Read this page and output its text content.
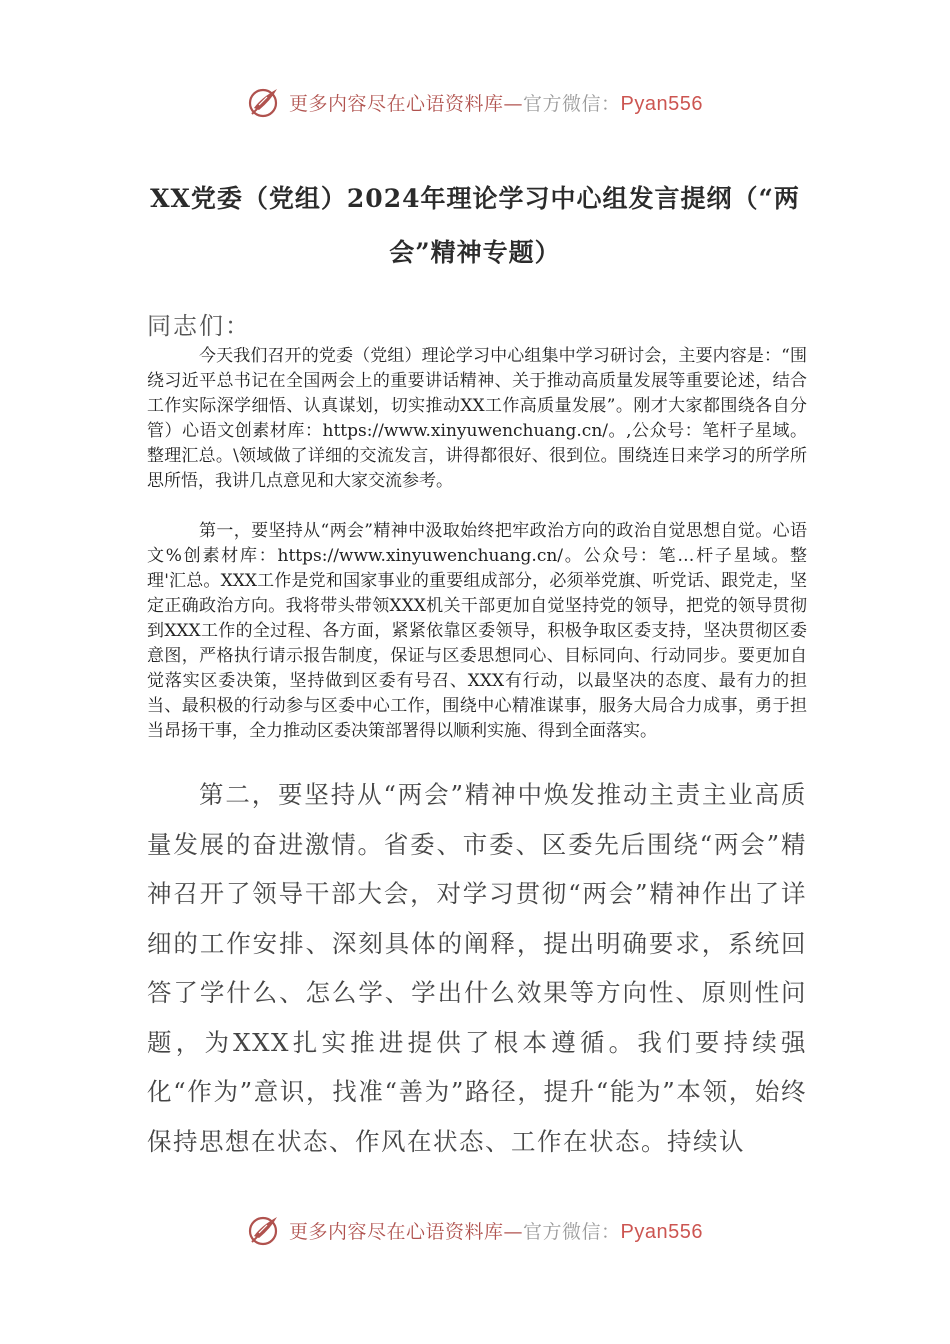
更多内容尽在心语资料库—官方微信：Pyan556
XX党委（党组）2024年理论学习中心组发言提纲（“两会”精神专题）

同志们：

今天我们召开的党委（党组）理论学习中心组集中学习研讨会，主要内容是：“围绕习近平总书记在全国两会上的重要讲话精神、关于推动高质量发展等重要论述，结合工作实际深学细悟、认真谋划，切实推动XX工作高质量发展”。刚才大家都围绕各自分管）心语文创素材库：https://www.xinyuwenchuang.cn/。,公众号：笔杆子星域。整理汇总。\领域做了详细的交流发言，讲得都很好、很到位。围绕连日来学习的所学所思所悟，我讲几点意见和大家交流参考。

第一，要坚持从“两会”精神中汲取始终把牢政治方向的政治自觉思想自觉。心语文%创素材库：https://www.xinyuwenchuang.cn/。公众号：笔…杆子星域。整理'汇总。XXX工作是党和国家事业的重要组成部分，必须举党旗、听党话、跟党走，坚定正确政治方向。我将带头带领XXX机关干部更加自觉坚持党的领导，把党的领导贯彻到XXX工作的全过程、各方面，紧紧依靠区委领导，积极争取区委支持，坚决贯彻区委意图，严格执行请示报告制度，保证与区委思想同心、目标同向、行动同步。要更加自觉落实区委决策，坚持做到区委有号召、XXX有行动，以最坚决的态度、最有力的担当、最积极的行动参与区委中心工作，围绕中心精准谋事，服务大局合力成事，勇于担当昂扬干事，全力推动区委决策部署得以顺利实施、得到全面落实。

第二，要坚持从“两会”精神中焕发推动主责主业高质量发展的奋进激情。省委、市委、区委先后围绕“两会”精神召开了领导干部大会，对学习贯彻“两会”精神作出了详细的工作安排、深刻具体的阐释，提出明确要求，系统回答了学什么、怎么学、学出什么效果等方向性、原则性问题，为XXX扎实推进提供了根本遵循。我们要持续强化“作为”意识，找准“善为”路径，提升“能为”本领，始终保持思想在状态、作风在状态、工作在状态。持续认

更多内容尽在心语资料库—官方微信：Pyan556
